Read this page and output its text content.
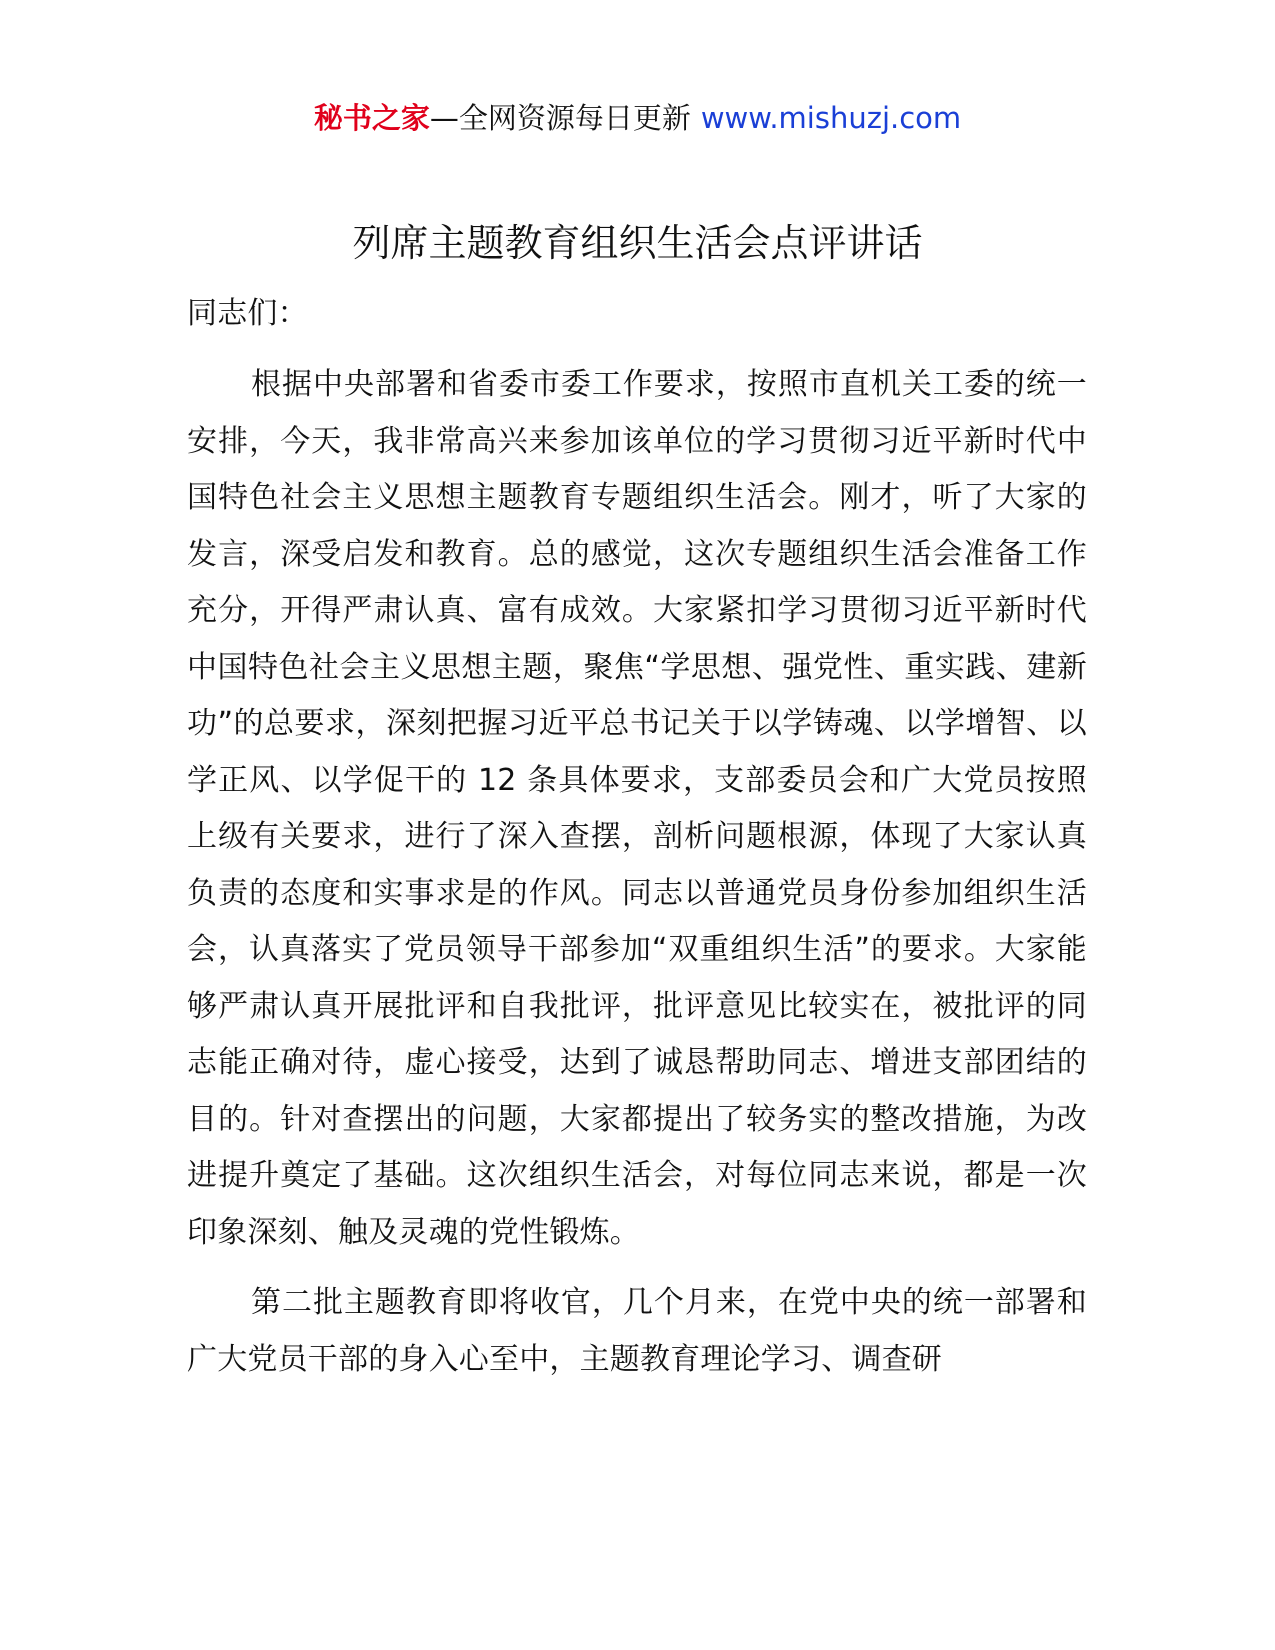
秘书之家—全网资源每日更新 www.mishuzj.com
列席主题教育组织生活会点评讲话

同志们：

根据中央部署和省委市委工作要求，按照市直机关工委的统一安排，今天，我非常高兴来参加该单位的学习贯彻习近平新时代中国特色社会主义思想主题教育专题组织生活会。刚才，听了大家的发言，深受启发和教育。总的感觉，这次专题组织生活会准备工作充分，开得严肃认真、富有成效。大家紧扣学习贯彻习近平新时代中国特色社会主义思想主题，聚焦“学思想、强党性、重实践、建新功”的总要求，深刻把握习近平总书记关于以学铸魂、以学增智、以学正风、以学促干的 12 条具体要求，支部委员会和广大党员按照上级有关要求，进行了深入查摆，剖析问题根源，体现了大家认真负责的态度和实事求是的作风。同志以普通党员身份参加组织生活会，认真落实了党员领导干部参加“双重组织生活”的要求。大家能够严肃认真开展批评和自我批评，批评意见比较实在，被批评的同志能正确对待，虚心接受，达到了诚恳帮助同志、增进支部团结的目的。针对查摆出的问题，大家都提出了较务实的整改措施，为改进提升奠定了基础。这次组织生活会，对每位同志来说，都是一次印象深刻、触及灵魂的党性锻炼。

第二批主题教育即将收官，几个月来，在党中央的统一部署和广大党员干部的身入心至中，主题教育理论学习、调查研
